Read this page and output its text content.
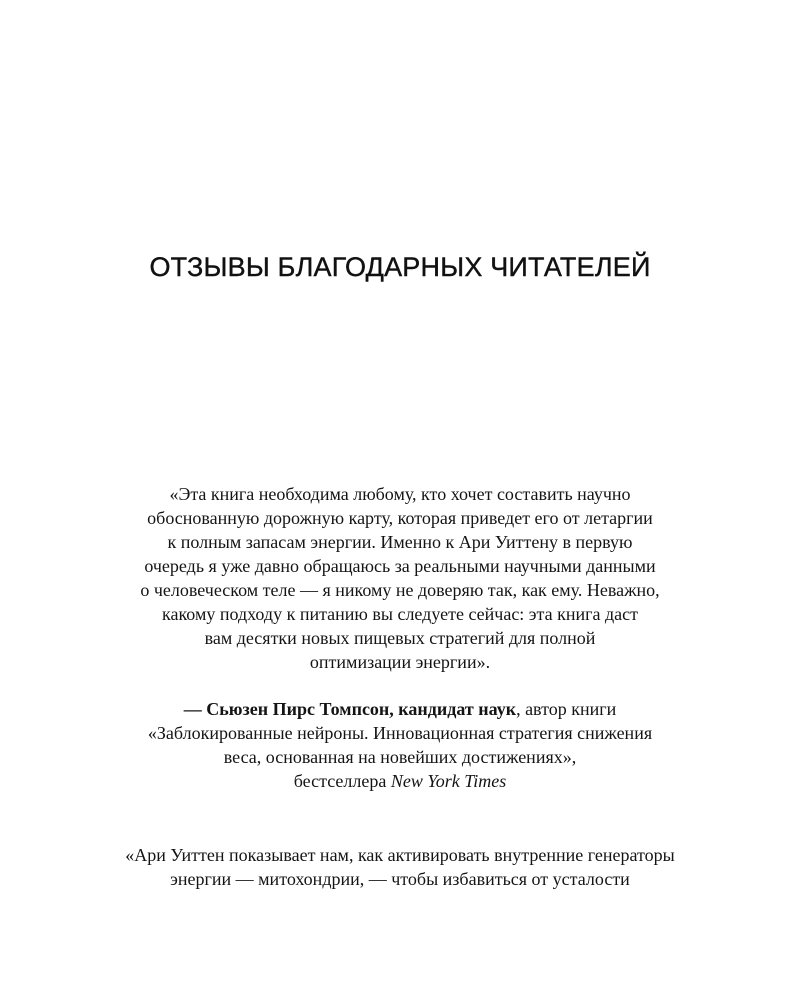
ОТЗЫВЫ БЛАГОДАРНЫХ ЧИТАТЕЛЕЙ
«Эта книга необходима любому, кто хочет составить научно
обоснованную дорожную карту, которая приведет его от летаргии
к полным запасам энергии. Именно к Ари Уиттену в первую
очередь я уже давно обращаюсь за реальными научными данными
о человеческом теле — я никому не доверяю так, как ему. Неважно,
какому подходу к питанию вы следуете сейчас: эта книга даст
вам десятки новых пищевых стратегий для полной
оптимизации энергии».
— Сьюзен Пирс Томпсон, кандидат наук, автор книги
«Заблокированные нейроны. Инновационная стратегия снижения
веса, основанная на новейших достижениях»,
бестселлера New York Times
«Ари Уиттен показывает нам, как активировать внутренние генераторы
энергии — митохондрии, — чтобы избавиться от усталости
